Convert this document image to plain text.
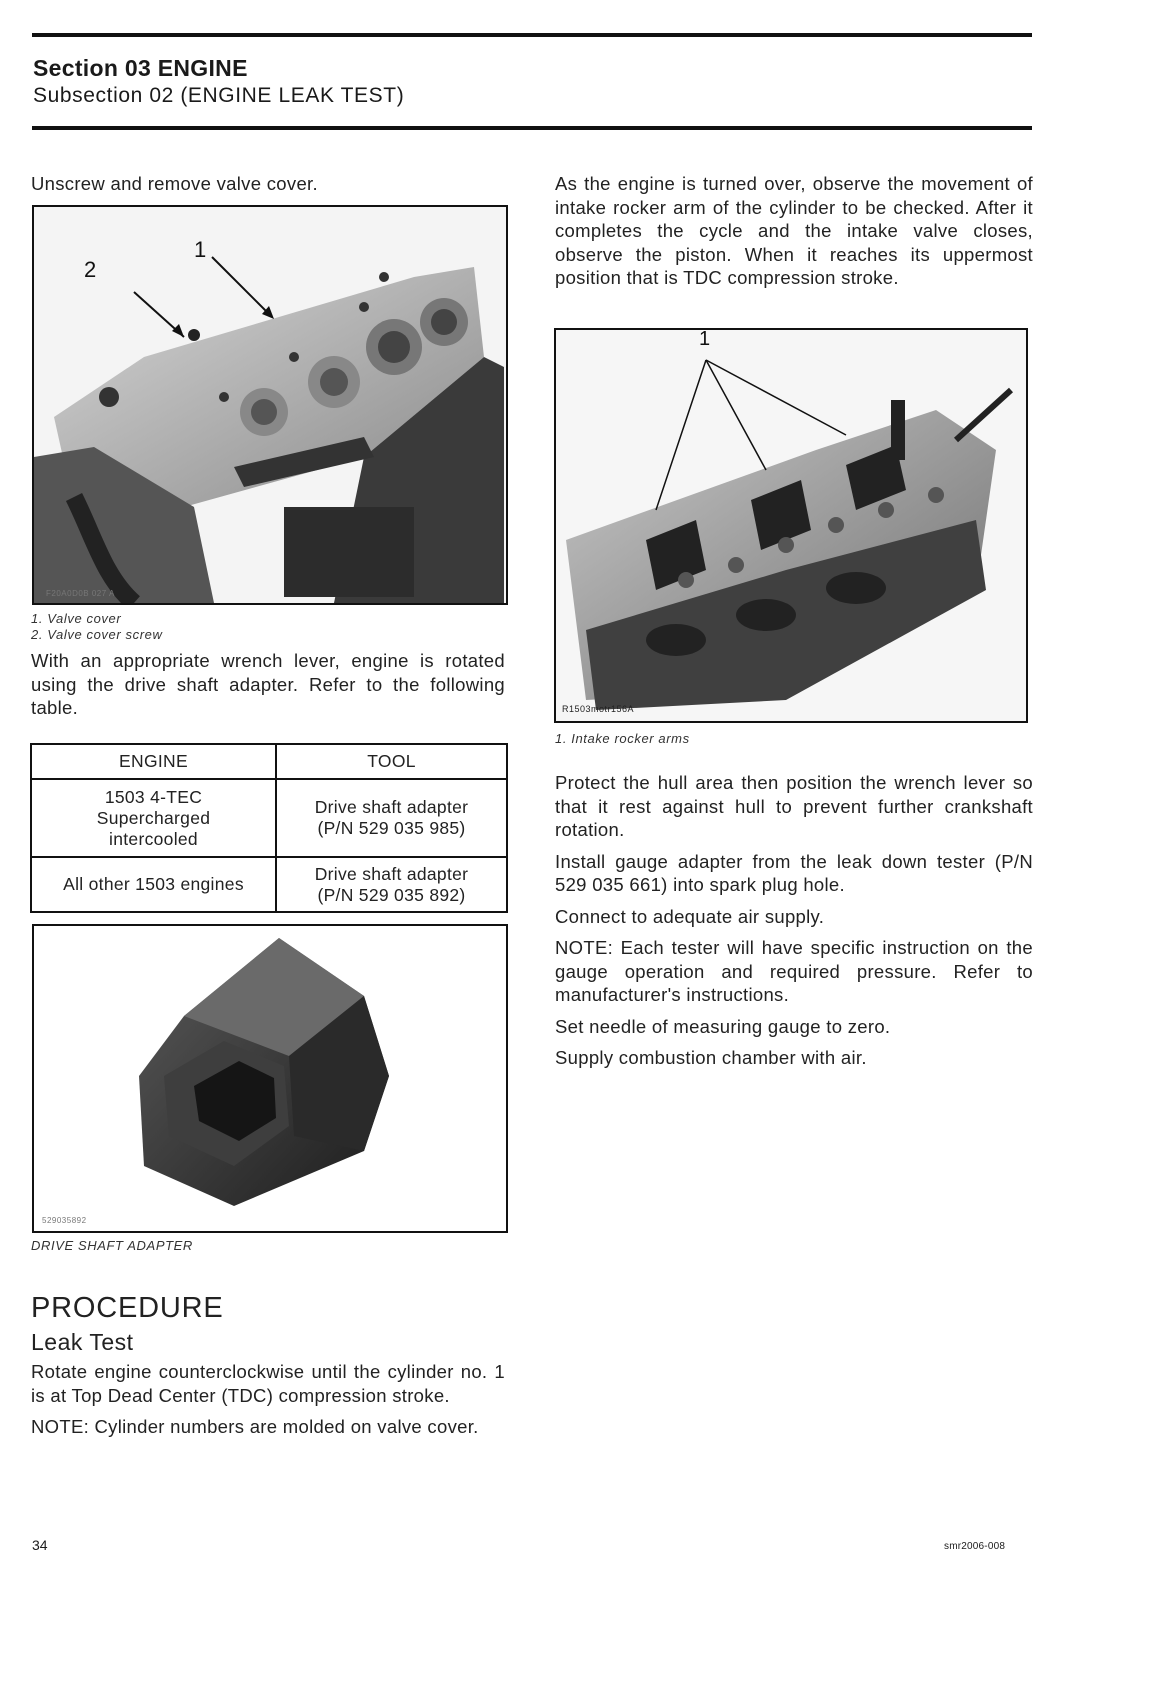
Section 03 ENGINE
Subsection 02 (ENGINE LEAK TEST)

Unscrew and remove valve cover.

1
2
F20A0D0B 027 A
1. Valve cover
2. Valve cover screw

With an appropriate wrench lever, engine is rotated using the drive shaft adapter. Refer to the following table.

ENGINE	TOOL
1503 4-TEC Supercharged intercooled	Drive shaft adapter (P/N 529 035 985)
All other 1503 engines	Drive shaft adapter (P/N 529 035 892)
529035892
DRIVE SHAFT ADAPTER
PROCEDURE
Leak Test

Rotate engine counterclockwise until the cylinder no. 1 is at Top Dead Center (TDC) compression stroke.

NOTE: Cylinder numbers are molded on valve cover.

As the engine is turned over, observe the movement of intake rocker arm of the cylinder to be checked. After it completes the cycle and the intake valve closes, observe the piston. When it reaches its uppermost position that is TDC compression stroke.

1
R1503motr156A
1. Intake rocker arms

Protect the hull area then position the wrench lever so that it rest against hull to prevent further crankshaft rotation.

Install gauge adapter from the leak down tester (P/N 529 035 661) into spark plug hole.

Connect to adequate air supply.

NOTE: Each tester will have specific instruction on the gauge operation and required pressure. Refer to manufacturer's instructions.

Set needle of measuring gauge to zero.

Supply combustion chamber with air.

34	smr2006-008
